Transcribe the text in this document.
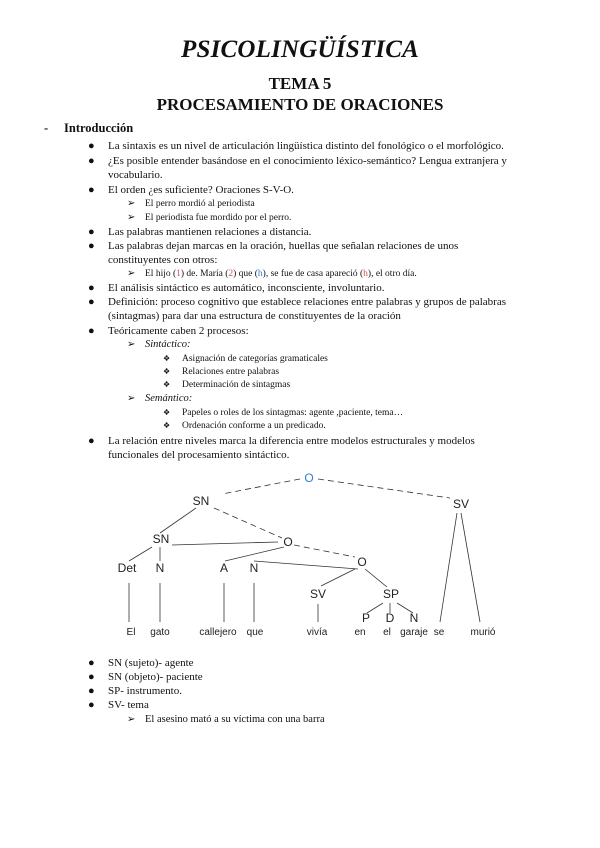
PSICOLINGÜÍSTICA
TEMA 5
PROCESAMIENTO DE ORACIONES
- Introducción
● La sintaxis es un nivel de articulación lingüística distinto del fonológico o el morfológico.
● ¿Es posible entender basándose en el conocimiento léxico-semántico? Lengua extranjera y
vocabulario.
● El orden ¿es suficiente? Oraciones S-V-O.
➢ El perro mordió al periodista
➢ El periodista fue mordido por el perro.
● Las palabras mantienen relaciones a distancia.
● Las palabras dejan marcas en la oración, huellas que señalan relaciones de unos
constituyentes con otros:
➢ El hijo (1) de. María (2) que (h), se fue de casa apareció (h), el otro día.
● El análisis sintáctico es automático, inconsciente, involuntario.
● Definición: proceso cognitivo que establece relaciones entre palabras y grupos de palabras
(sintagmas) para dar una estructura de constituyentes de la oración
● Teóricamente caben 2 procesos:
➢ Sintáctico:
❖ Asignación de categorías gramaticales
❖ Relaciones entre palabras
❖ Determinación de sintagmas
➢ Semántico:
❖ Papeles o roles de los sintagmas: agente ,paciente, tema…
❖ Ordenación conforme a un predicado.
● La relación entre niveles marca la diferencia entre modelos estructurales y modelos
funcionales del procesamiento sintáctico.
O
SN	SV
SN	O
O
Det N	A N
SV	SP
P D N
El gato	callejero que	vivía	en el garaje se	murió
● SN (sujeto)- agente
● SN (objeto)- paciente
● SP- instrumento.
● SV- tema
➢ El asesino mató a su víctima con una barra
